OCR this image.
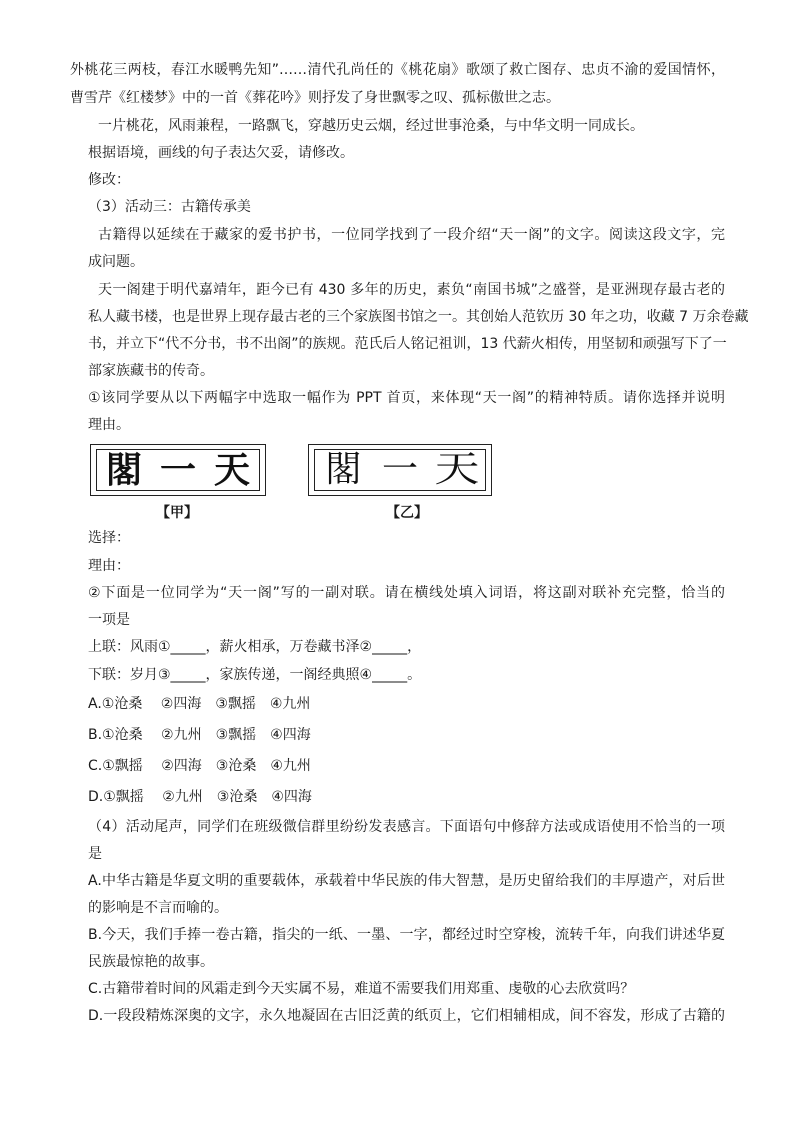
外桃花三两枝，春江水暖鸭先知”……清代孔尚任的《桃花扇》歌颂了救亡图存、忠贞不渝的爱国情怀，
曹雪芹《红楼梦》中的一首《葬花吟》则抒发了身世飘零之叹、孤标傲世之志。
一片桃花，风雨兼程，一路飘飞，穿越历史云烟，经过世事沧桑，与中华文明一同成长。
根据语境，画线的句子表达欠妥，请修改。
修改：
（3）活动三：古籍传承美
古籍得以延续在于藏家的爱书护书，一位同学找到了一段介绍“天一阁”的文字。阅读这段文字，完
成问题。
天一阁建于明代嘉靖年，距今已有 430 多年的历史，素负“南国书城”之盛誉，是亚洲现存最古老的
私人藏书楼，也是世界上现存最古老的三个家族图书馆之一。其创始人范钦历 30 年之功，收藏 7 万余卷藏
书，并立下“代不分书，书不出阁”的族规。范氏后人铭记祖训，13 代薪火相传，用坚韧和顽强写下了一
部家族藏书的传奇。
①该同学要从以下两幅字中选取一幅作为 PPT 首页，来体现“天一阁”的精神特质。请你选择并说明
理由。
閣 一 天
【甲】
閣 一 天
【乙】
选择：
理由：
②下面是一位同学为“天一阁”写的一副对联。请在横线处填入词语，将这副对联补充完整，恰当的
一项是
上联：风雨①_____，薪火相承，万卷藏书泽②_____，
下联：岁月③_____，家族传递，一阁经典照④_____。
A.①沧桑　 ②四海　③飘摇　④九州
B.①沧桑　 ②九州　③飘摇　④四海
C.①飘摇　 ②四海　③沧桑　④九州
D.①飘摇　 ②九州　③沧桑　④四海
（4）活动尾声，同学们在班级微信群里纷纷发表感言。下面语句中修辞方法或成语使用不恰当的一项
是
A.中华古籍是华夏文明的重要载体，承载着中华民族的伟大智慧，是历史留给我们的丰厚遗产，对后世
的影响是不言而喻的。
B.今天，我们手捧一卷古籍，指尖的一纸、一墨、一字，都经过时空穿梭，流转千年，向我们讲述华夏
民族最惊艳的故事。
C.古籍带着时间的风霜走到今天实属不易，难道不需要我们用郑重、虔敬的心去欣赏吗？
D.一段段精炼深奥的文字，永久地凝固在古旧泛黄的纸页上，它们相辅相成，间不容发，形成了古籍的
